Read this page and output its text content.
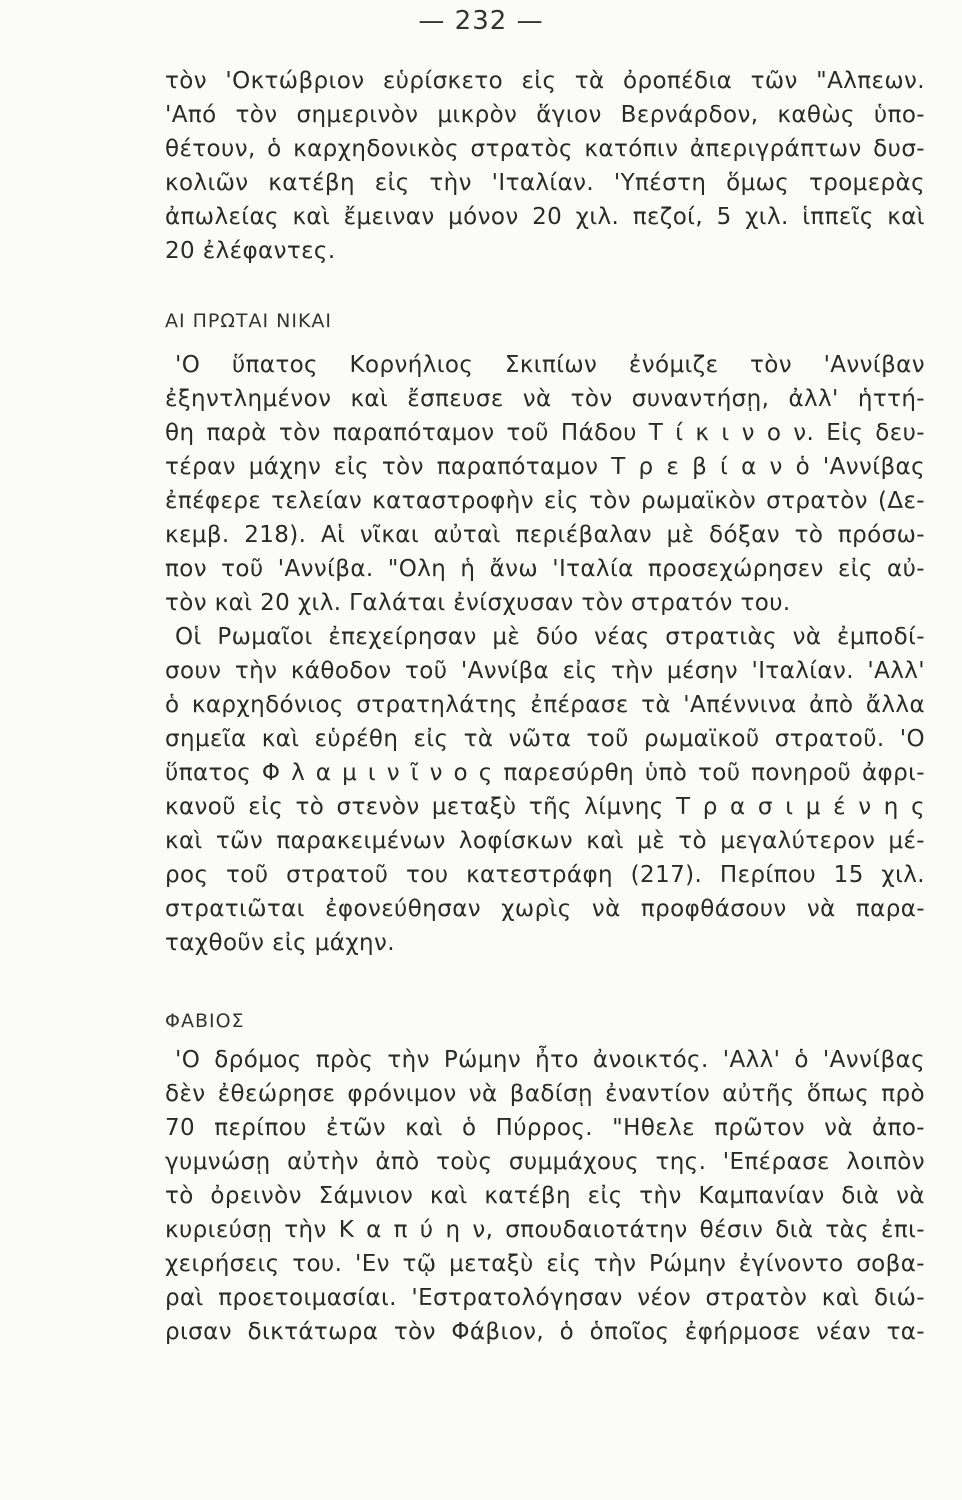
— 232 —
τὸν 'Οκτώβριον εὑρίσκετο εἰς τὰ ὀροπέδια τῶν "Αλπεων.
'Από τὸν σημερινὸν μικρὸν ἅγιον Βερνάρδον, καθὼς ὑπο-
θέτουν, ὁ καρχηδονικὸς στρατὸς κατόπιν ἀπεριγράπτων δυσ-
κολιῶν κατέβη εἰς τὴν 'Ιταλίαν. 'Υπέστη ὅμως τρομερὰς
ἀπωλείας καὶ ἔμειναν μόνον 20 χιλ. πεζοί, 5 χιλ. ἱππεῖς καὶ
20 ἐλέφαντες.
ΑΙ ΠΡΩΤΑΙ ΝΙΚΑΙ
'Ο ὕπατος Κορνήλιος Σκιπίων ἐνόμιζε τὸν 'Αννίβαν
ἐξηντλημένον καὶ ἔσπευσε νὰ τὸν συναντήσῃ, ἀλλ' ἡττή-
θη παρὰ τὸν παραπόταμον τοῦ Πάδου Τ ί κ ι ν ο ν. Εἰς δευ-
τέραν μάχην εἰς τὸν παραπόταμον Τ ρ ε β ί α ν ὁ 'Αννίβας
ἐπέφερε τελείαν καταστροφὴν εἰς τὸν ρωμαϊκὸν στρατὸν (Δε-
κεμβ. 218). Αἱ νῖκαι αὐταὶ περιέβαλαν μὲ δόξαν τὸ πρόσω-
πον τοῦ 'Αννίβα. "Ολη ἡ ἄνω 'Ιταλία προσεχώρησεν εἰς αὐ-
τὸν καὶ 20 χιλ. Γαλάται ἐνίσχυσαν τὸν στρατόν του.
Οἱ Ρωμαῖοι ἐπεχείρησαν μὲ δύο νέας στρατιὰς νὰ ἐμποδί-
σουν τὴν κάθοδον τοῦ 'Αννίβα εἰς τὴν μέσην 'Ιταλίαν. 'Αλλ'
ὁ καρχηδόνιος στρατηλάτης ἐπέρασε τὰ 'Απέννινα ἀπὸ ἄλλα
σημεῖα καὶ εὑρέθη εἰς τὰ νῶτα τοῦ ρωμαϊκοῦ στρατοῦ. 'Ο
ὕπατος Φ λ α μ ι ν ῖ ν ο ς παρεσύρθη ὑπὸ τοῦ πονηροῦ ἀφρι-
κανοῦ εἰς τὸ στενὸν μεταξὺ τῆς λίμνης Τ ρ α σ ι μ έ ν η ς
καὶ τῶν παρακειμένων λοφίσκων καὶ μὲ τὸ μεγαλύτερον μέ-
ρος τοῦ στρατοῦ του κατεστράφη (217). Περίπου 15 χιλ.
στρατιῶται ἐφονεύθησαν χωρὶς νὰ προφθάσουν νὰ παρα-
ταχθοῦν εἰς μάχην.
ΦΑΒΙΟΣ
'Ο δρόμος πρὸς τὴν Ρώμην ἦτο ἀνοικτός. 'Αλλ' ὁ 'Αννίβας
δὲν ἐθεώρησε φρόνιμον νὰ βαδίσῃ ἐναντίον αὐτῆς ὅπως πρὸ
70 περίπου ἐτῶν καὶ ὁ Πύρρος. "Ηθελε πρῶτον νὰ ἀπο-
γυμνώσῃ αὐτὴν ἀπὸ τοὺς συμμάχους της. 'Επέρασε λοιπὸν
τὸ ὀρεινὸν Σάμνιον καὶ κατέβη εἰς τὴν Καμπανίαν διὰ νὰ
κυριεύσῃ τὴν Κ α π ύ η ν, σπουδαιοτάτην θέσιν διὰ τὰς ἐπι-
χειρήσεις του. 'Εν τῷ μεταξὺ εἰς τὴν Ρώμην ἐγίνοντο σοβα-
ραὶ προετοιμασίαι. 'Εστρατολόγησαν νέον στρατὸν καὶ διώ-
ρισαν δικτάτωρα τὸν Φάβιον, ὁ ὁποῖος ἐφήρμοσε νέαν τα-
